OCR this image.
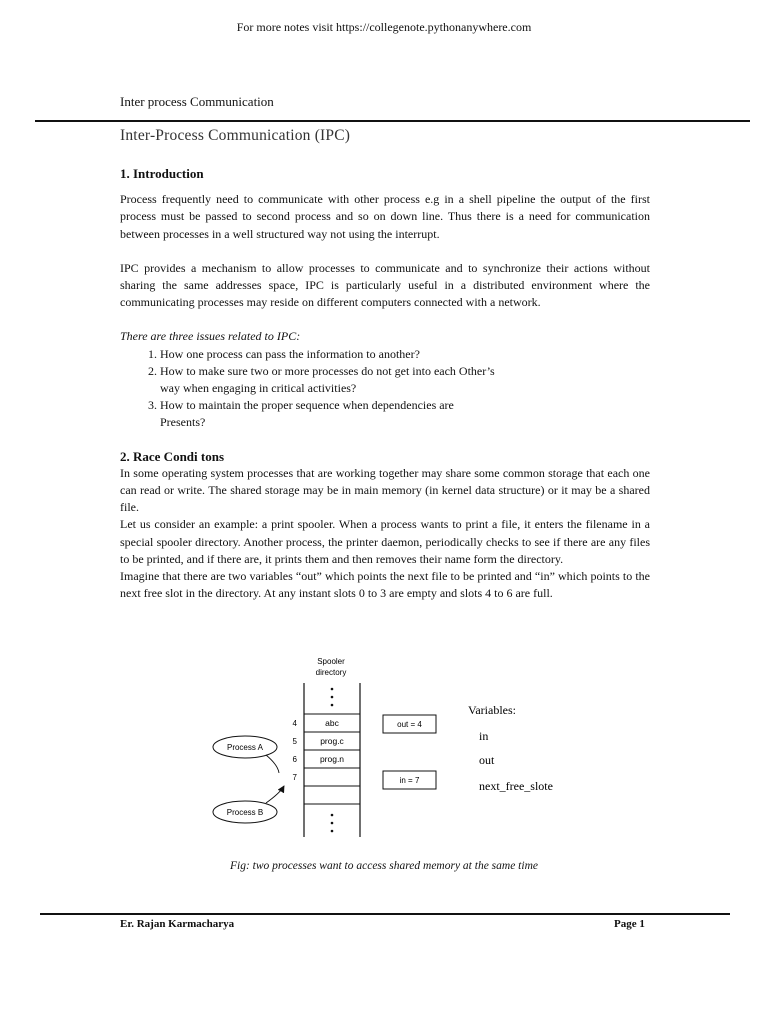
For more notes visit https://collegenote.pythonanywhere.com
Inter process Communication
Inter-Process Communication (IPC)
1. Introduction

Process frequently need to communicate with other process e.g in a shell pipeline the output of the first process must be passed to second process and so on down line. Thus there is a need for communication between processes in a well structured way not using the interrupt.

IPC provides a mechanism to allow processes to communicate and to synchronize their actions without sharing the same addresses space, IPC is particularly useful in a distributed environment where the communicating processes may reside on different computers connected with a network.

There are three issues related to IPC:
1. How one process can pass the information to another?
2. How to make sure two or more processes do not get into each Other’s way when engaging in critical activities?
3. How to maintain the proper sequence when dependencies are Presents?
2. Race Condi tons

In some operating system processes that are working together may share some common storage that each one can read or write. The shared storage may be in main memory (in kernel data structure) or it may be a shared file.

Let us consider an example: a print spooler. When a process wants to print a file, it enters the filename in a special spooler directory. Another process, the printer daemon, periodically checks to see if there are any files to be printed, and if there are, it prints them and then removes their name form the directory.

Imagine that there are two variables “out” which points the next file to be printed and “in” which points to the next free slot in the directory. At any instant slots 0 to 3 are empty and slots 4 to 6 are full.

Spooler
directory
4	abc
5	prog.c
6	prog.n
7
out = 4
in = 7
Process A
Process B
Variables:
in
out
next_free_slote
Fig: two processes want to access shared memory at the same time
Er. Rajan Karmacharya	Page 1
